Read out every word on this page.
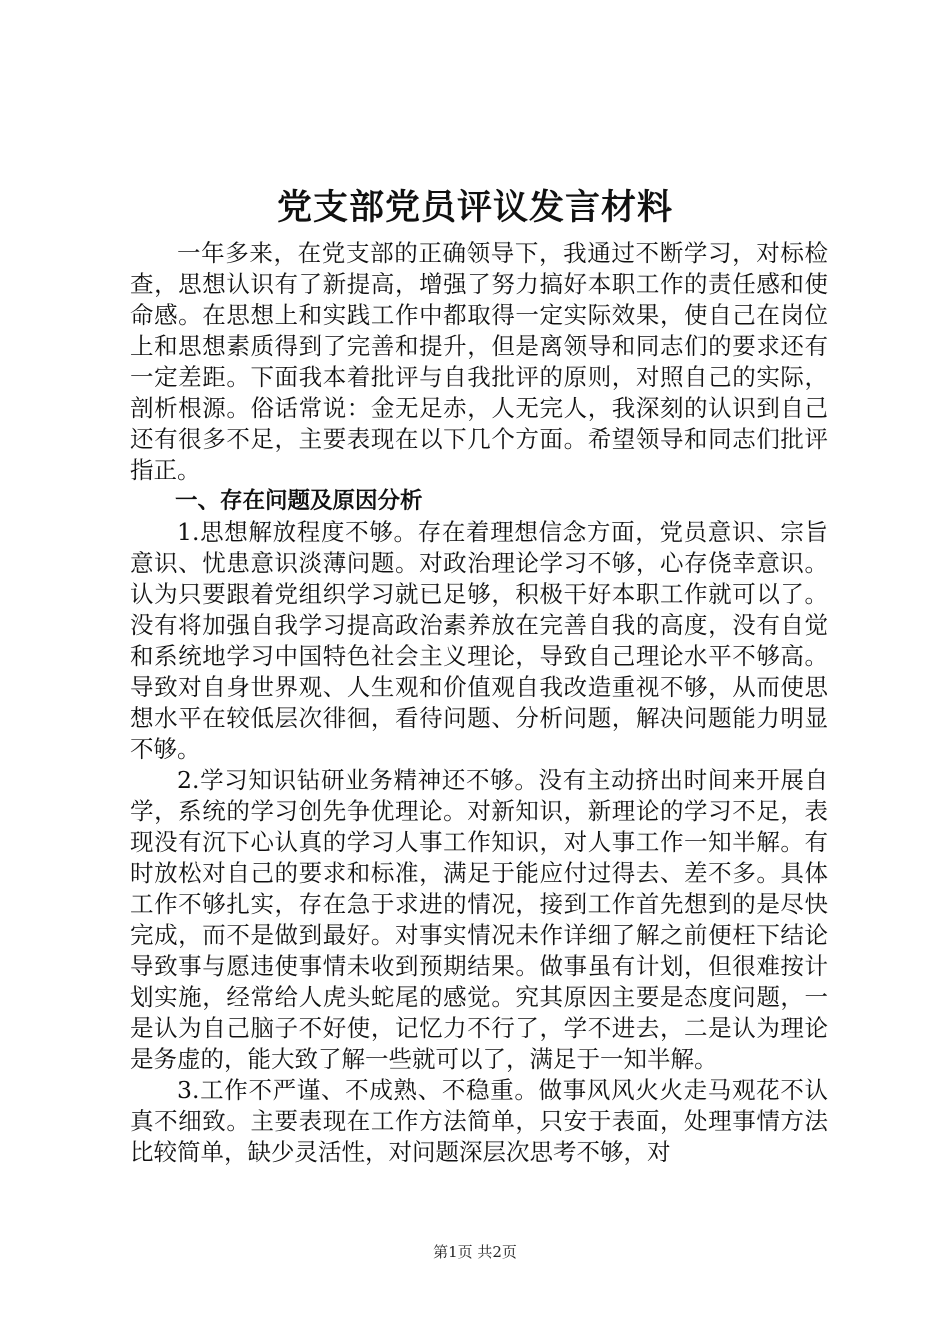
党支部党员评议发言材料

一年多来，在党支部的正确领导下，我通过不断学习，对标检查，思想认识有了新提高，增强了努力搞好本职工作的责任感和使命感。在思想上和实践工作中都取得一定实际效果，使自己在岗位上和思想素质得到了完善和提升，但是离领导和同志们的要求还有一定差距。下面我本着批评与自我批评的原则，对照自己的实际，剖析根源。俗话常说：金无足赤，人无完人，我深刻的认识到自己还有很多不足，主要表现在以下几个方面。希望领导和同志们批评指正。

一、存在问题及原因分析

1.思想解放程度不够。存在着理想信念方面，党员意识、宗旨意识、忧患意识淡薄问题。对政治理论学习不够，心存侥幸意识。认为只要跟着党组织学习就已足够，积极干好本职工作就可以了。没有将加强自我学习提高政治素养放在完善自我的高度，没有自觉和系统地学习中国特色社会主义理论，导致自己理论水平不够高。导致对自身世界观、人生观和价值观自我改造重视不够，从而使思想水平在较低层次徘徊，看待问题、分析问题，解决问题能力明显不够。

2.学习知识钻研业务精神还不够。没有主动挤出时间来开展自学，系统的学习创先争优理论。对新知识，新理论的学习不足，表现没有沉下心认真的学习人事工作知识，对人事工作一知半解。有时放松对自己的要求和标准，满足于能应付过得去、差不多。具体工作不够扎实，存在急于求进的情况，接到工作首先想到的是尽快完成，而不是做到最好。对事实情况未作详细了解之前便枉下结论导致事与愿违使事情未收到预期结果。做事虽有计划，但很难按计划实施，经常给人虎头蛇尾的感觉。究其原因主要是态度问题，一是认为自己脑子不好使，记忆力不行了，学不进去，二是认为理论是务虚的，能大致了解一些就可以了，满足于一知半解。

3.工作不严谨、不成熟、不稳重。做事风风火火走马观花不认真不细致。主要表现在工作方法简单，只安于表面，处理事情方法比较简单，缺少灵活性，对问题深层次思考不够，对

第1页 共2页
